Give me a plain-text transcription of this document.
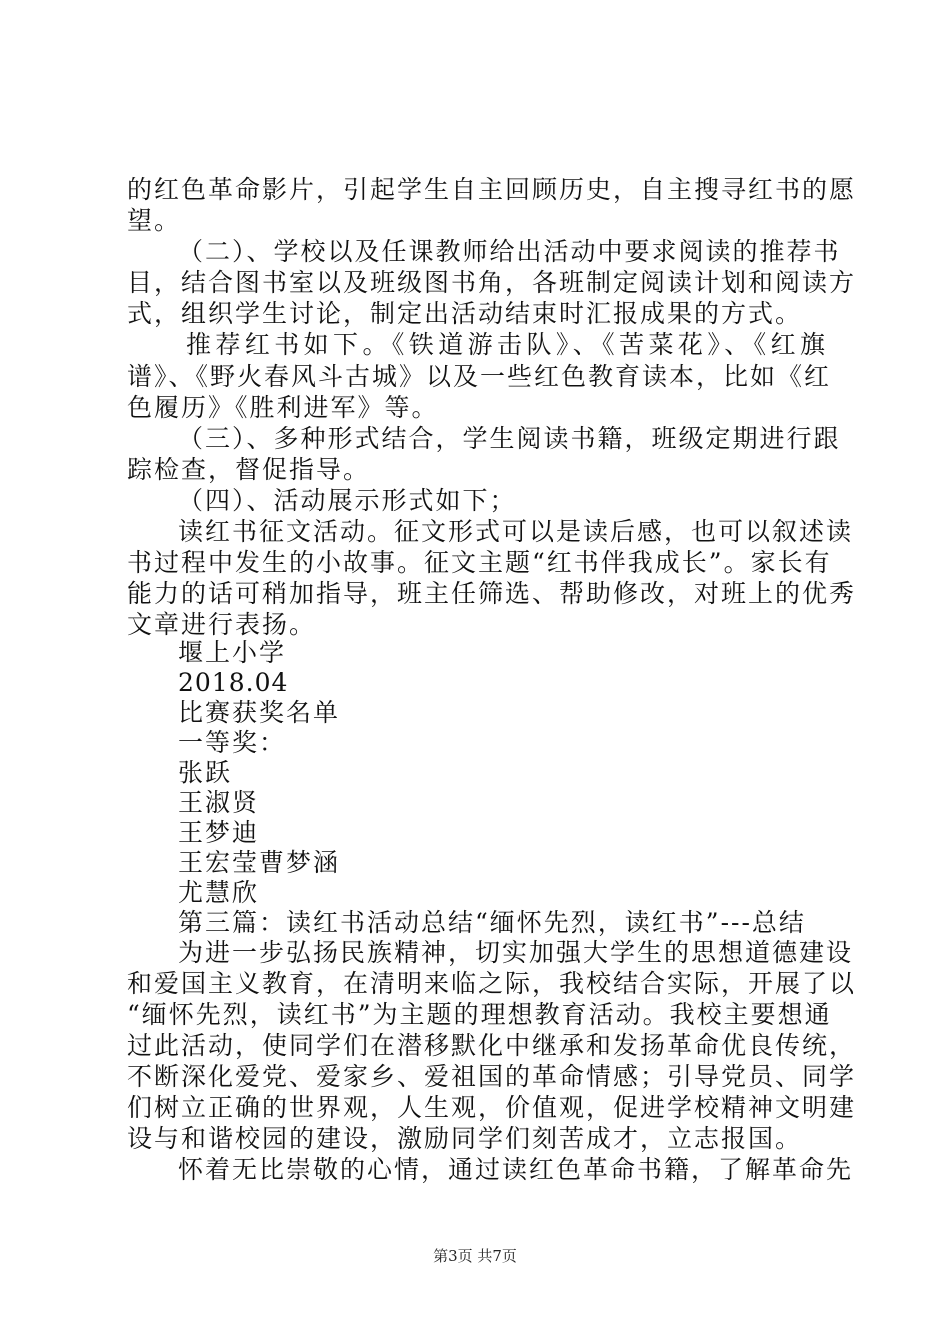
的红色革命影片，引起学生自主回顾历史，自主搜寻红书的愿
望。
（二）、学校以及任课教师给出活动中要求阅读的推荐书
目，结合图书室以及班级图书角，各班制定阅读计划和阅读方
式，组织学生讨论，制定出活动结束时汇报成果的方式。
推荐红书如下。《铁道游击队》、《苦菜花》、《红旗
谱》、《野火春风斗古城》以及一些红色教育读本，比如《红
色履历》《胜利进军》等。
（三）、多种形式结合，学生阅读书籍，班级定期进行跟
踪检查，督促指导。
（四）、活动展示形式如下；
读红书征文活动。征文形式可以是读后感，也可以叙述读
书过程中发生的小故事。征文主题“红书伴我成长”。家长有
能力的话可稍加指导，班主任筛选、帮助修改，对班上的优秀
文章进行表扬。
堰上小学
2018.04
比赛获奖名单
一等奖：
张跃
王淑贤
王梦迪
王宏莹曹梦涵
尤慧欣
第三篇：读红书活动总结“缅怀先烈，读红书”---总结
为进一步弘扬民族精神，切实加强大学生的思想道德建设
和爱国主义教育，在清明来临之际，我校结合实际，开展了以
“缅怀先烈，读红书”为主题的理想教育活动。我校主要想通
过此活动，使同学们在潜移默化中继承和发扬革命优良传统，
不断深化爱党、爱家乡、爱祖国的革命情感；引导党员、同学
们树立正确的世界观，人生观，价值观，促进学校精神文明建
设与和谐校园的建设，激励同学们刻苦成才，立志报国。
怀着无比崇敬的心情，通过读红色革命书籍，了解革命先
第3页 共7页
